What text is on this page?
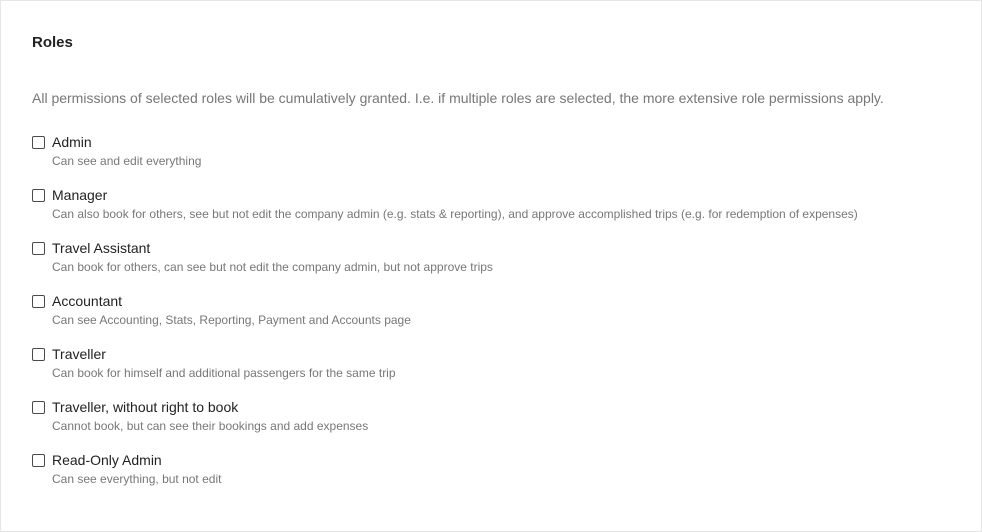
Roles
All permissions of selected roles will be cumulatively granted. I.e. if multiple roles are selected, the more extensive role permissions apply.
Admin
Can see and edit everything
Manager
Can also book for others, see but not edit the company admin (e.g. stats & reporting), and approve accomplished trips (e.g. for redemption of expenses)
Travel Assistant
Can book for others, can see but not edit the company admin, but not approve trips
Accountant
Can see Accounting, Stats, Reporting, Payment and Accounts page
Traveller
Can book for himself and additional passengers for the same trip
Traveller, without right to book
Cannot book, but can see their bookings and add expenses
Read-Only Admin
Can see everything, but not edit
